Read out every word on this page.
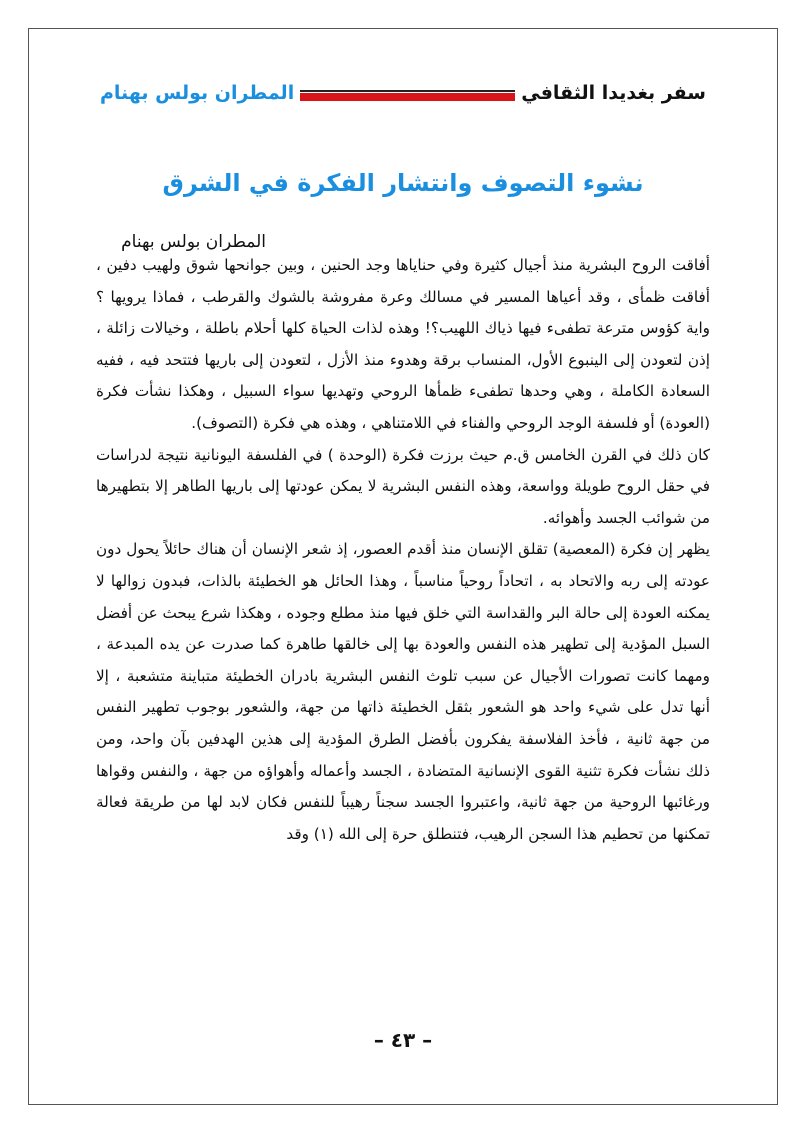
سفر بغديدا الثقافي
المطران بولس بهنام
نشوء التصوف وانتشار الفكرة في الشرق
المطران بولس بهنام

أفاقت الروح البشرية منذ أجيال كثيرة وفي حناياها وجد الحنين ، وبين جوانحها شوق ولهيب دفين ، أفاقت ظمأى ، وقد أعياها المسير في مسالك وعرة مفروشة بالشوك والقرطب ، فماذا يرويها ؟ واية كؤوس مترعة تطفىء فيها ذياك اللهيب؟! وهذه لذات الحياة كلها أحلام باطلة ، وخيالات زائلة ، إذن لتعودن إلى الينبوع الأول، المنساب برقة وهدوء منذ الأزل ، لتعودن إلى باريها فتتحد فيه ، ففيه السعادة الكاملة ، وهي وحدها تطفىء ظمأها الروحي وتهديها سواء السبيل ، وهكذا نشأت فكرة (العودة) أو فلسفة الوجد الروحي والفناء في اللامتناهي ، وهذه هي فكرة (التصوف).

كان ذلك في القرن الخامس ق.م حيث برزت فكرة (الوحدة ) في الفلسفة اليونانية نتيجة لدراسات في حقل الروح طويلة وواسعة، وهذه النفس البشرية لا يمكن عودتها إلى باريها الطاهر إلا بتطهيرها من شوائب الجسد وأهوائه.

يظهر إن فكرة (المعصية) تقلق الإنسان منذ أقدم العصور، إذ شعر الإنسان أن هناك حائلاً يحول دون عودته إلى ربه والاتحاد به ، اتحاداً روحياً مناسباً ، وهذا الحائل هو الخطيئة بالذات، فبدون زوالها لا يمكنه العودة إلى حالة البر والقداسة التي خلق فيها منذ مطلع وجوده ، وهكذا شرع يبحث عن أفضل السبل المؤدية إلى تطهير هذه النفس والعودة بها إلى خالقها طاهرة كما صدرت عن يده المبدعة ، ومهما كانت تصورات الأجيال عن سبب تلوث النفس البشرية بادران الخطيئة متباينة متشعبة ، إلا أنها تدل على شيء واحد هو الشعور بثقل الخطيئة ذاتها من جهة، والشعور بوجوب تطهير النفس من جهة ثانية ، فأخذ الفلاسفة يفكرون بأفضل الطرق المؤدية إلى هذين الهدفين بآن واحد، ومن ذلك نشأت فكرة تثنية القوى الإنسانية المتضادة ، الجسد وأعماله وأهواؤه من جهة ، والنفس وقواها ورغائبها الروحية من جهة ثانية، واعتبروا الجسد سجناً رهيباً للنفس فكان لابد لها من طريقة فعالة تمكنها من تحطيم هذا السجن الرهيب، فتنطلق حرة إلى الله (١) وقد

– ٤٣ –
